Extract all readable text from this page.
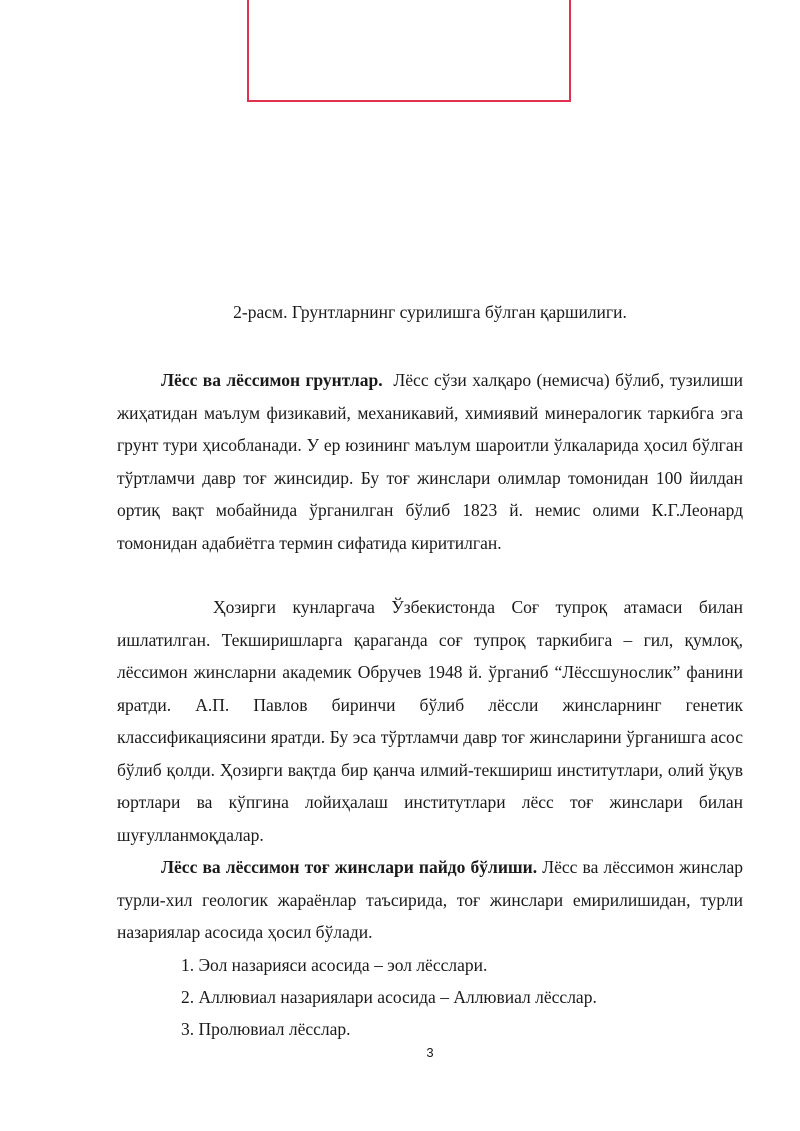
2-расм. Грунтларнинг сурилишга бўлган қаршилиги.

Лёсс ва лёссимон грунтлар. Лёсс сўзи халқаро (немисча) бўлиб, тузилиши жиҳатидан маълум физикавий, механикавий, химиявий минералогик таркибга эга грунт тури ҳисобланади. У ер юзининг маълум шароитли ўлкаларида ҳосил бўлган тўртламчи давр тоғ жинсидир. Бу тоғ жинслари олимлар томонидан 100 йилдан ортиқ вақт мобайнида ўрганилган бўлиб 1823 й. немис олими К.Г.Леонард томонидан адабиётга термин сифатида киритилган.

Ҳозирги кунларгача Ўзбекистонда Соғ тупроқ атамаси билан ишлатилган. Текширишларга қараганда соғ тупроқ таркибига – гил, қумлоқ, лёссимон жинсларни академик Обручев 1948 й. ўрганиб “Лёссшунослик” фанини яратди. А.П. Павлов биринчи бўлиб лёссли жинсларнинг генетик классификациясини яратди. Бу эса тўртламчи давр тоғ жинсларини ўрганишга асос бўлиб қолди. Ҳозирги вақтда бир қанча илмий-текшириш институтлари, олий ўқув юртлари ва кўпгина лойиҳалаш институтлари лёсс тоғ жинслари билан шуғулланмоқдалар.

Лёсс ва лёссимон тоғ жинслари пайдо бўлиши. Лёсс ва лёссимон жинслар турли-хил геологик жараёнлар таъсирида, тоғ жинслари емирилишидан, турли назариялар асосида ҳосил бўлади.

1. Эол назарияси асосида – эол лёсслари.
2. Аллювиал назариялари асосида – Аллювиал лёсслар.
3. Пролювиал лёсслар.
3
